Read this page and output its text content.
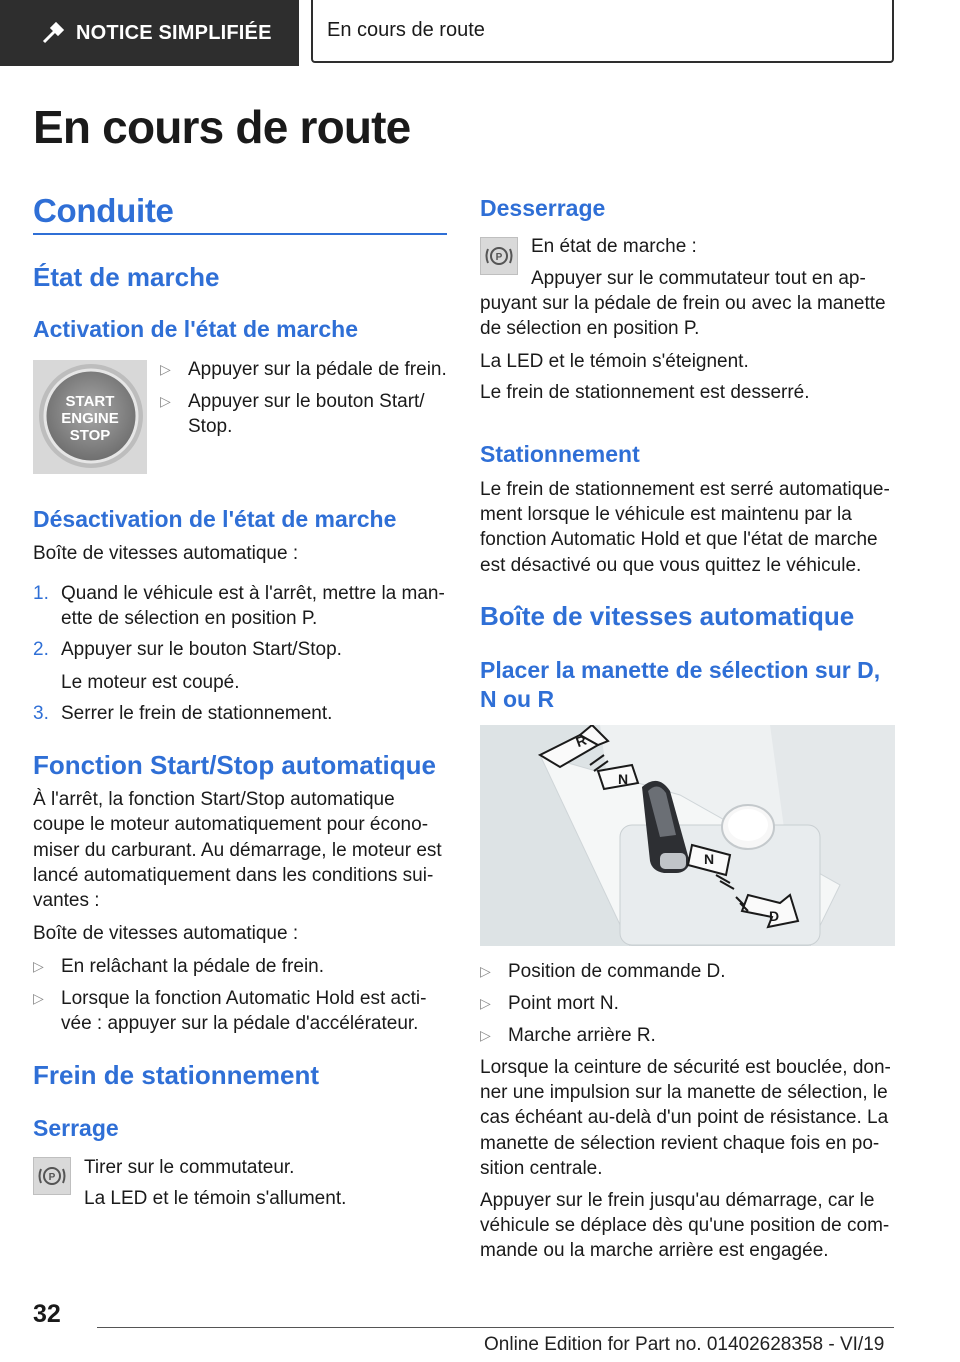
NOTICE SIMPLIFIÉE	En cours de route
En cours de route
Conduite
État de marche
Activation de l'état de marche
START
ENGINE
STOP
▷ Appuyer sur la pédale de frein.
▷ Appuyer sur le bouton Start/
Stop.
Désactivation de l'état de marche

Boîte de vitesses automatique :

1. Quand le véhicule est à l'arrêt, mettre la man-
ette de sélection en position P.
2. Appuyer sur le bouton Start/Stop.
Le moteur est coupé.
3. Serrer le frein de stationnement.
Fonction Start/Stop automatique
À l'arrêt, la fonction Start/Stop automatique
coupe le moteur automatiquement pour écono-
miser du carburant. Au démarrage, le moteur est
lancé automatiquement dans les conditions sui-
vantes :
Boîte de vitesses automatique :
▷ En relâchant la pédale de frein.
▷ Lorsque la fonction Automatic Hold est acti-
vée : appuyer sur la pédale d'accélérateur.
Frein de stationnement
Serrage
P Tirer sur le commutateur.
La LED et le témoin s'allument.
Desserrage
P
En état de marche :
Appuyer sur le commutateur tout en ap-
puyant sur la pédale de frein ou avec la manette
de sélection en position P.
La LED et le témoin s'éteignent.
Le frein de stationnement est desserré.
Stationnement
Le frein de stationnement est serré automatique-
ment lorsque le véhicule est maintenu par la
fonction Automatic Hold et que l'état de marche
est désactivé ou que vous quittez le véhicule.
Boîte de vitesses automatique
Placer la manette de sélection sur D,
N ou R
R
N
N
D
▷ Position de commande D.
▷ Point mort N.
▷ Marche arrière R.
Lorsque la ceinture de sécurité est bouclée, don-
ner une impulsion sur la manette de sélection, le
cas échéant au-delà d'un point de résistance. La
manette de sélection revient chaque fois en po-
sition centrale.
Appuyer sur le frein jusqu'au démarrage, car le
véhicule se déplace dès qu'une position de com-
mande ou la marche arrière est engagée.
32
Online Edition for Part no. 01402628358 - VI/19
